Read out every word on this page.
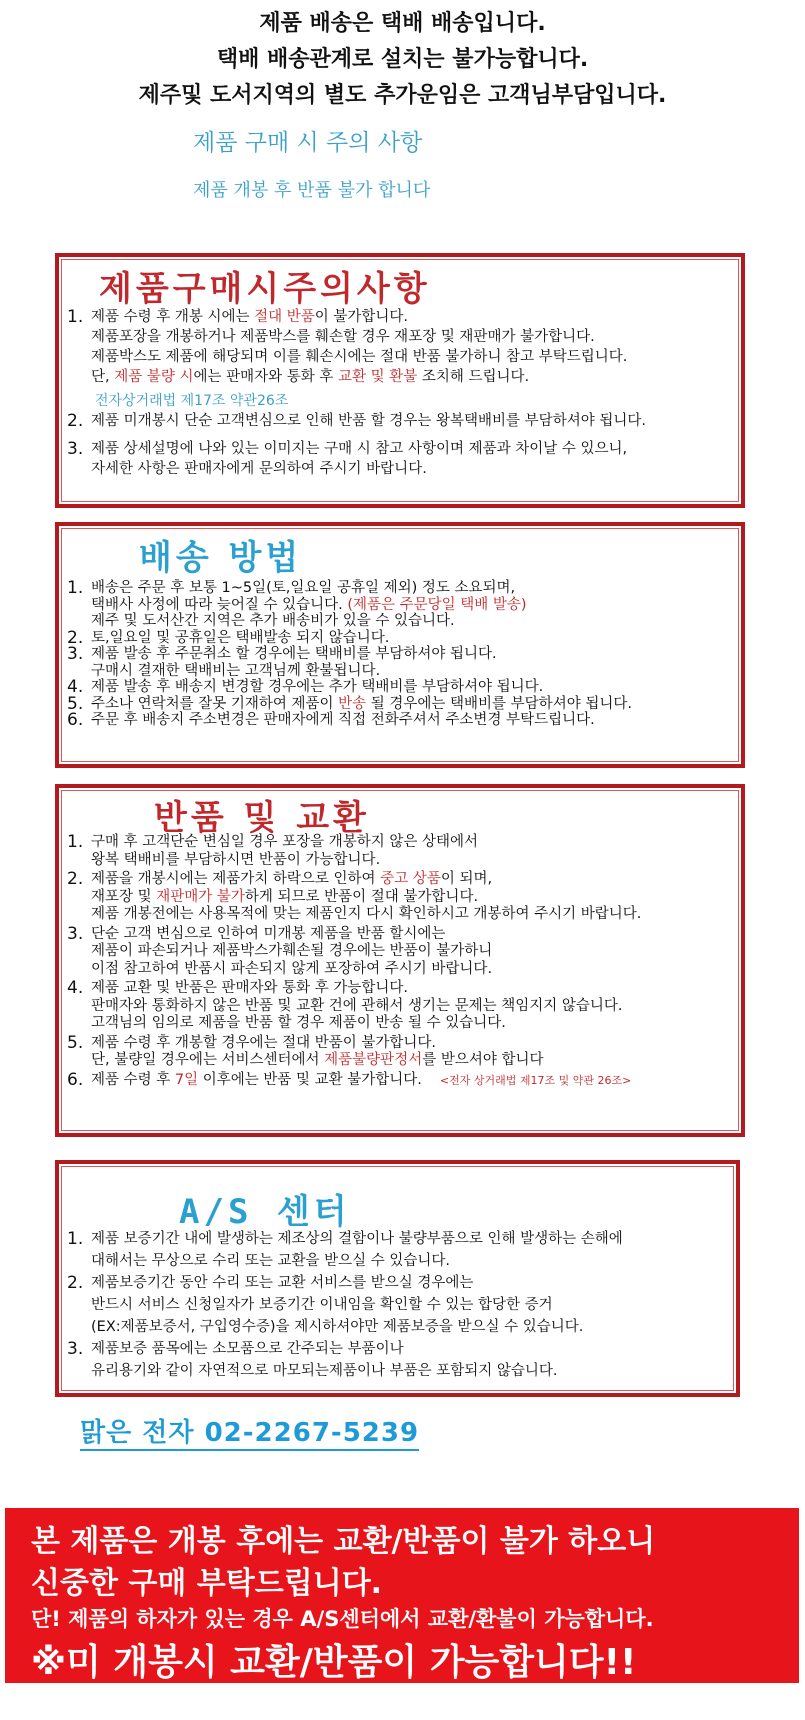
제품 배송은 택배 배송입니다.
택배 배송관계로 설치는 불가능합니다.
제주및 도서지역의 별도 추가운임은 고객님부담입니다.
제품 구매 시 주의 사항
제품 개봉 후 반품 불가 합니다
제품구매시주의사항
1. 제품 수령 후 개봉 시에는 절대 반품이 불가합니다.
제품포장을 개봉하거나 제품박스를 훼손할 경우 재포장 및 재판매가 불가합니다.
제품박스도 제품에 해당되며 이를 훼손시에는 절대 반품 불가하니 참고 부탁드립니다.
단, 제품 불량 시에는 판매자와 통화 후 교환 및 환불 조치해 드립니다.
전자상거래법 제17조 약관26조
2. 제품 미개봉시 단순 고객변심으로 인해 반품 할 경우는 왕복택배비를 부담하셔야 됩니다.
3. 제품 상세설명에 나와 있는 이미지는 구매 시 참고 사항이며 제품과 차이날 수 있으니,
자세한 사항은 판매자에게 문의하여 주시기 바랍니다.
배송 방법
1. 배송은 주문 후 보통 1~5일(토,일요일 공휴일 제외) 정도 소요되며,
택배사 사정에 따라 늦어질 수 있습니다. (제품은 주문당일 택배 발송)
제주 및 도서산간 지역은 추가 배송비가 있을 수 있습니다.
2. 토,일요일 및 공휴일은 택배발송 되지 않습니다.
3. 제품 발송 후 주문취소 할 경우에는 택배비를 부담하셔야 됩니다.
구매시 결재한 택배비는 고객님께 환불됩니다.
4. 제품 발송 후 배송지 변경할 경우에는 추가 택배비를 부담하셔야 됩니다.
5. 주소나 연락처를 잘못 기재하여 제품이 반송 될 경우에는 택배비를 부담하셔야 됩니다.
6. 주문 후 배송지 주소변경은 판매자에게 직접 전화주셔서 주소변경 부탁드립니다.
반품 및 교환
1. 구매 후 고객단순 변심일 경우 포장을 개봉하지 않은 상태에서
왕복 택배비를 부담하시면 반품이 가능합니다.
2. 제품을 개봉시에는 제품가치 하락으로 인하여 중고 상품이 되며,
재포장 및 재판매가 불가하게 되므로 반품이 절대 불가합니다.
제품 개봉전에는 사용목적에 맞는 제품인지 다시 확인하시고 개봉하여 주시기 바랍니다.
3. 단순 고객 변심으로 인하여 미개봉 제품을 반품 할시에는
제품이 파손되거나 제품박스가훼손될 경우에는 반품이 불가하니
이점 참고하여 반품시 파손되지 않게 포장하여 주시기 바랍니다.
4. 제품 교환 및 반품은 판매자와 통화 후 가능합니다.
판매자와 통화하지 않은 반품 및 교환 건에 관해서 생기는 문제는 책임지지 않습니다.
고객님의 임의로 제품을 반품 할 경우 제품이 반송 될 수 있습니다.
5. 제품 수령 후 개봉할 경우에는 절대 반품이 불가합니다.
단, 불량일 경우에는 서비스센터에서 제품불량판정서를 받으셔야 합니다
6. 제품 수령 후 7일 이후에는 반품 및 교환 불가합니다. <전자 상거래법 제17조 및 약관 26조>
A/S 센터
1. 제품 보증기간 내에 발생하는 제조상의 결함이나 불량부품으로 인해 발생하는 손해에
대해서는 무상으로 수리 또는 교환을 받으실 수 있습니다.
2. 제품보증기간 동안 수리 또는 교환 서비스를 받으실 경우에는
반드시 서비스 신청일자가 보증기간 이내임을 확인할 수 있는 합당한 증거
(EX:제품보증서, 구입영수증)을 제시하셔야만 제품보증을 받으실 수 있습니다.
3. 제품보증 품목에는 소모품으로 간주되는 부품이나
유리용기와 같이 자연적으로 마모되는제품이나 부품은 포함되지 않습니다.
맑은 전자 02-2267-5239
본 제품은 개봉 후에는 교환/반품이 불가 하오니
신중한 구매 부탁드립니다.
단! 제품의 하자가 있는 경우 A/S센터에서 교환/환불이 가능합니다.
※미 개봉시 교환/반품이 가능합니다!!
